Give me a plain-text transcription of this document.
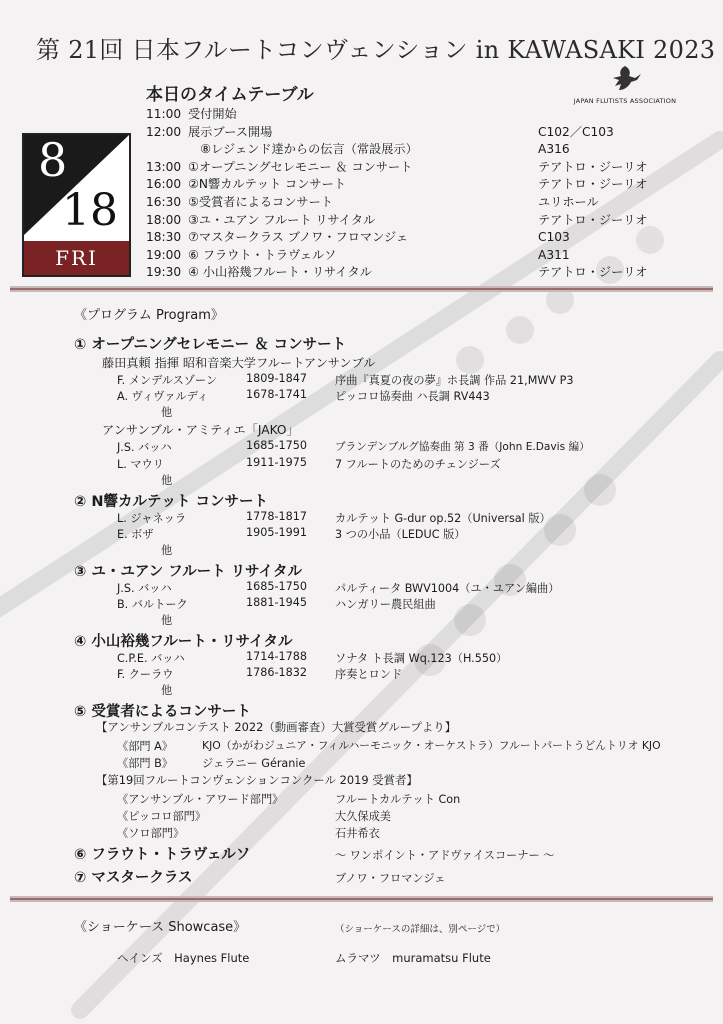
第 21回 日本フルートコンヴェンション in KAWASAKI 2023
本日のタイムテーブル	JAPAN FLUTISTS ASSOCIATION
8
18
FRI
11:00 受付開始
12:00 展示ブース開場	C102／C103
　⑧レジェンド達からの伝言（常設展示）	A316
13:00 ①オープニングセレモニー ＆ コンサート	テアトロ・ジーリオ
16:00 ②N響カルテット コンサート	テアトロ・ジーリオ
16:30 ⑤受賞者によるコンサート	ユリホール
18:00 ③ユ・ユアン フルート リサイタル	テアトロ・ジーリオ
18:30 ⑦マスタークラス ブノワ・フロマンジェ	C103
19:00 ⑥ フラウト・トラヴェルソ	A311
19:30 ④ 小山裕幾フルート・リサイタル	テアトロ・ジーリオ
《プログラム Program》
① オープニングセレモニー ＆ コンサート
藤田真頼 指揮 昭和音楽大学フルートアンサンブル
F. メンデルスゾーン	1809-1847	序曲『真夏の夜の夢』ホ長調 作品 21,MWV P3
A. ヴィヴァルディ	1678-1741	ピッコロ協奏曲 ハ長調 RV443
他
アンサンブル・アミティエ「JAKO」
J.S. バッハ	1685-1750	ブランデンブルグ協奏曲 第 3 番（John E.Davis 編）
L. マウリ	1911-1975	7 フルートのためのチェンジーズ
他
② N響カルテット コンサート
L. ジャネッラ	1778-1817	カルテット G-dur op.52（Universal 版）
E. ボザ	1905-1991	3 つの小品（LEDUC 版）
他
③ ユ・ユアン フルート リサイタル
J.S. バッハ	1685-1750	パルティータ BWV1004（ユ・ユアン編曲）
B. バルトーク	1881-1945	ハンガリー農民組曲
他
④ 小山裕幾フルート・リサイタル
C.P.E. バッハ	1714-1788	ソナタ ト長調 Wq.123（H.550）
F. クーラウ	1786-1832	序奏とロンド
他
⑤ 受賞者によるコンサート
【アンサンブルコンテスト 2022（動画審査）大賞受賞グループより】
《部門 A》	KJO（かがわジュニア・フィルハーモニック・オーケストラ）フルートパートうどんトリオ KJO
《部門 B》	ジェラニー Géranie
【第19回フルートコンヴェンションコンクール 2019 受賞者】
《アンサンブル・アワード部門》	フルートカルテット Con
《ピッコロ部門》	大久保成美
《ソロ部門》	石井希衣
⑥ フラウト・トラヴェルソ	～ ワンポイント・アドヴァイスコーナー ～
⑦ マスタークラス	ブノワ・フロマンジェ
《ショーケース Showcase》	（ショーケースの詳細は、別ページで）
ヘインズ　Haynes Flute	ムラマツ　muramatsu Flute
